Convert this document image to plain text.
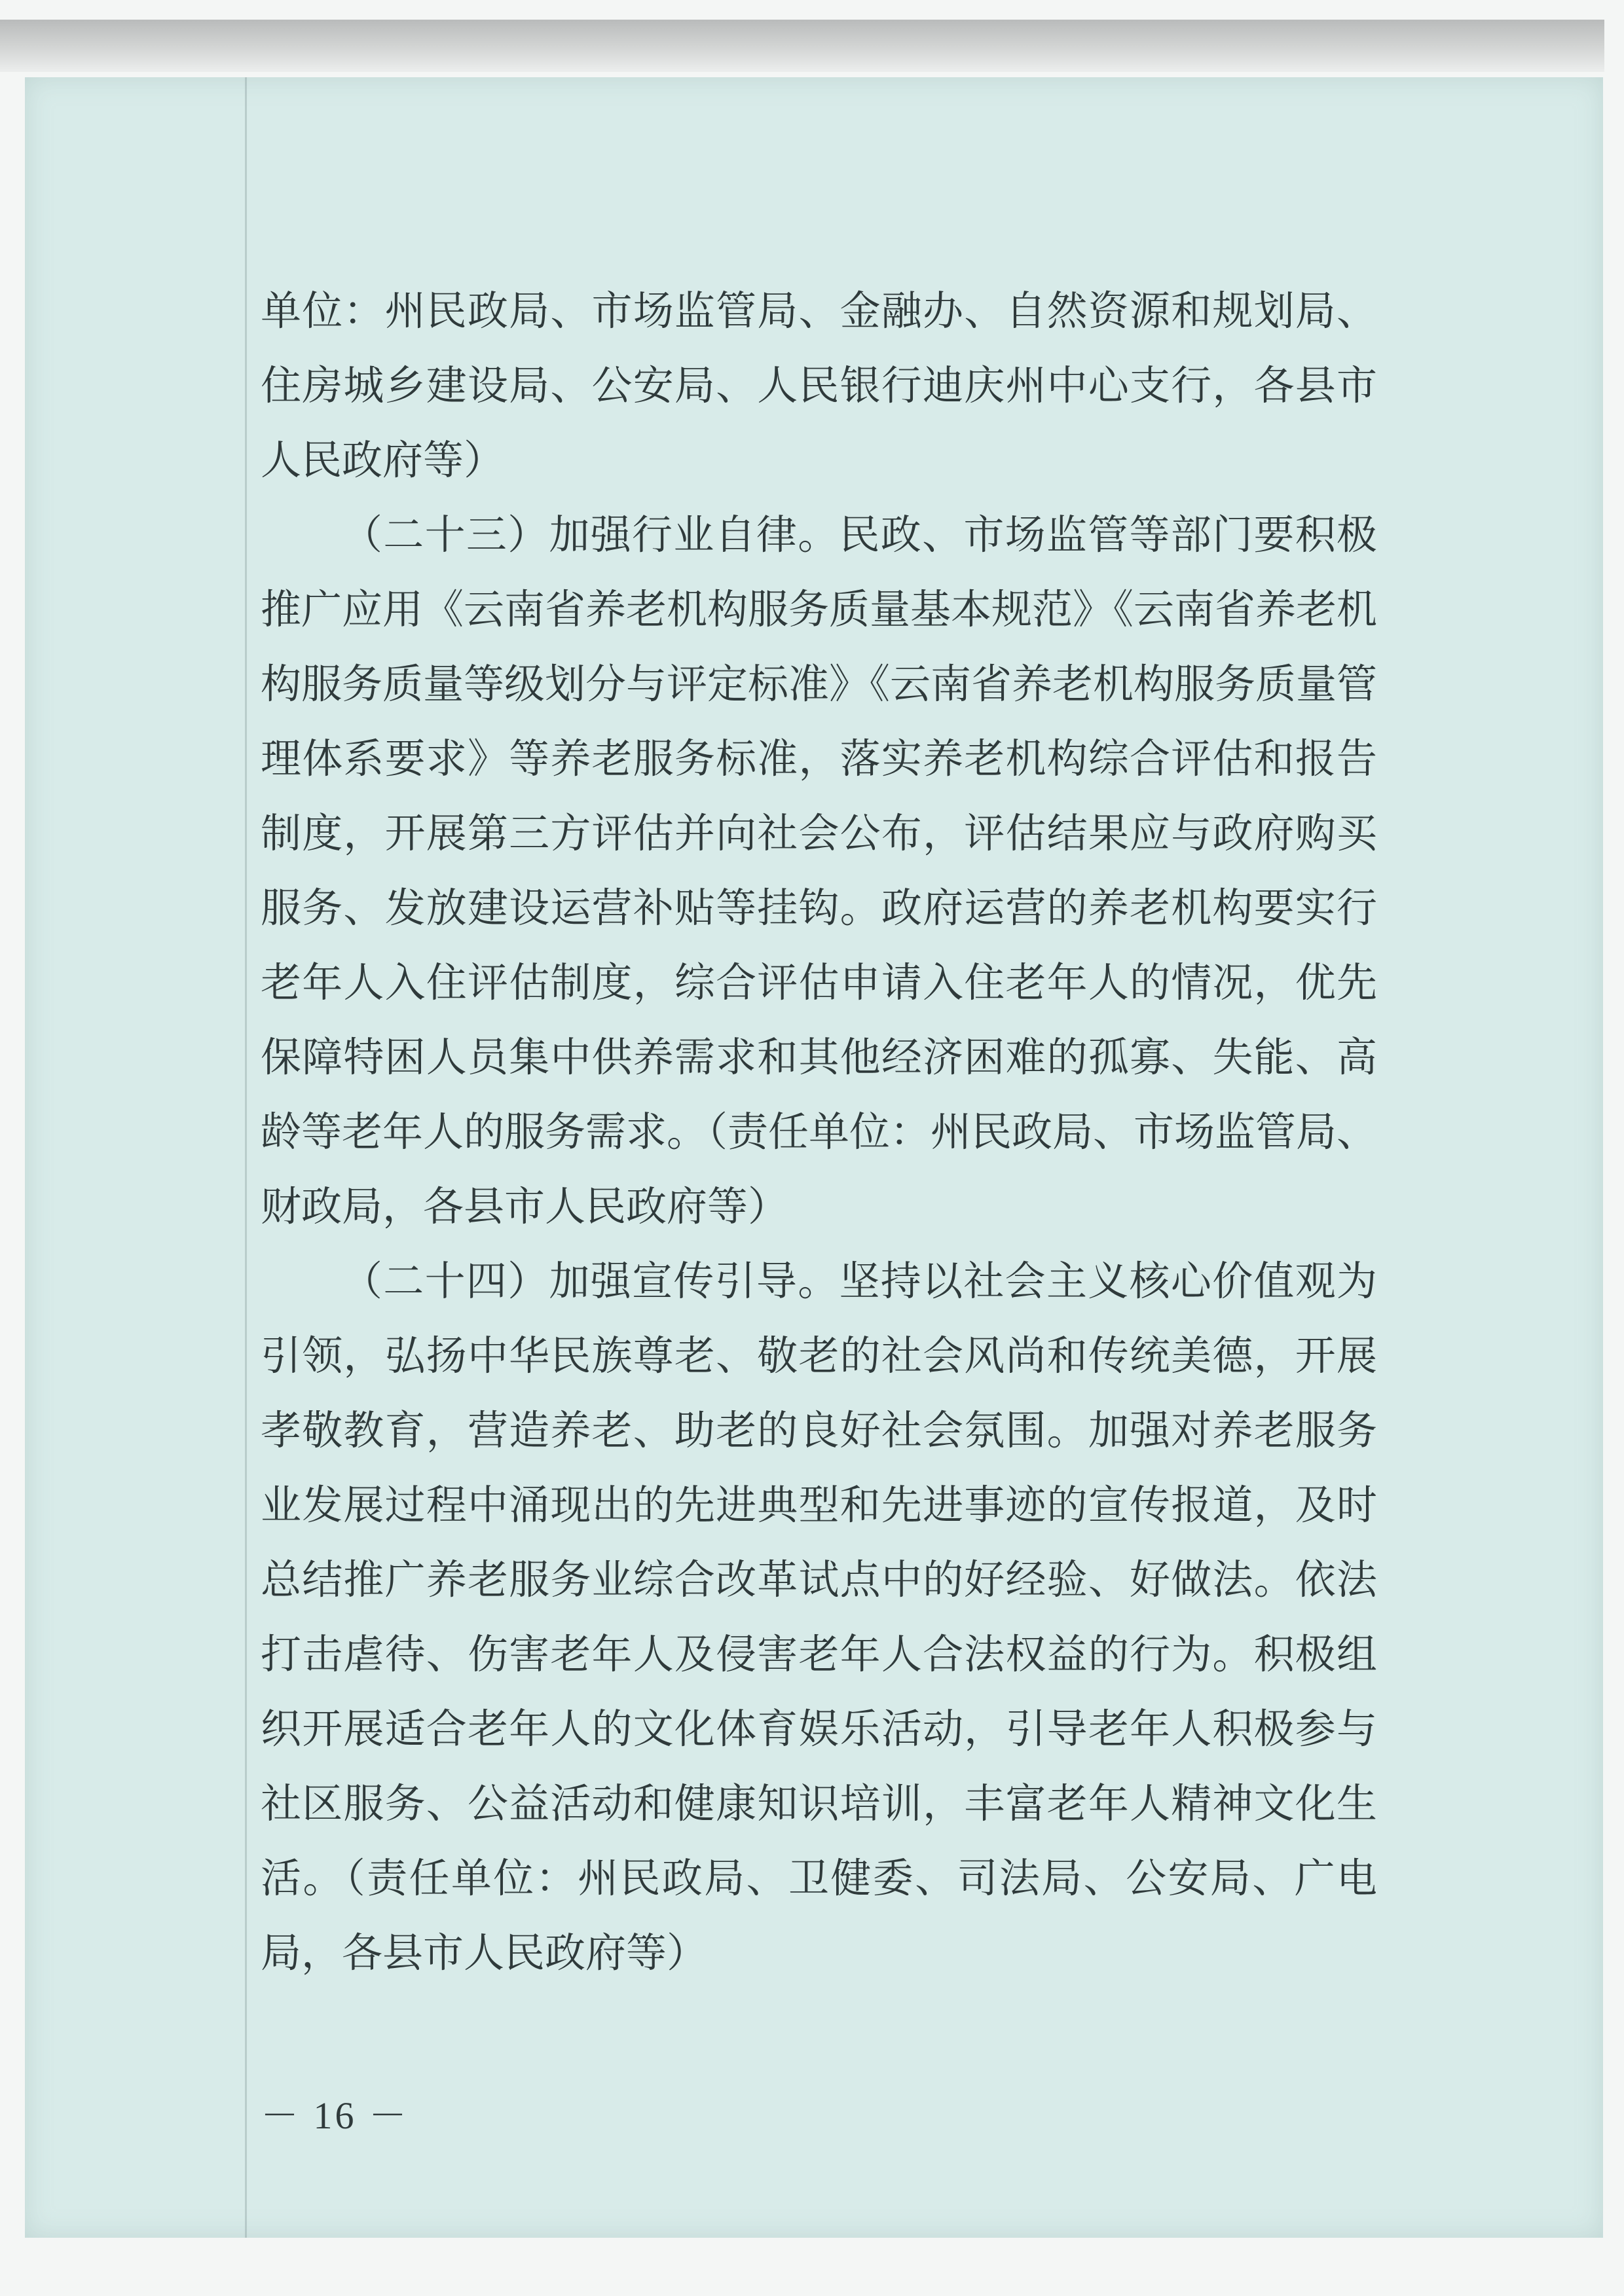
单位：州民政局、市场监管局、金融办、自然资源和规划局、住房城乡建设局、公安局、人民银行迪庆州中心支行，各县市人民政府等）

（二十三）加强行业自律。民政、市场监管等部门要积极推广应用《云南省养老机构服务质量基本规范》《云南省养老机构服务质量等级划分与评定标准》《云南省养老机构服务质量管理体系要求》等养老服务标准，落实养老机构综合评估和报告制度，开展第三方评估并向社会公布，评估结果应与政府购买服务、发放建设运营补贴等挂钩。政府运营的养老机构要实行老年人入住评估制度，综合评估申请入住老年人的情况，优先保障特困人员集中供养需求和其他经济困难的孤寡、失能、高龄等老年人的服务需求。（责任单位：州民政局、市场监管局、财政局，各县市人民政府等）

（二十四）加强宣传引导。坚持以社会主义核心价值观为引领，弘扬中华民族尊老、敬老的社会风尚和传统美德，开展孝敬教育，营造养老、助老的良好社会氛围。加强对养老服务业发展过程中涌现出的先进典型和先进事迹的宣传报道，及时总结推广养老服务业综合改革试点中的好经验、好做法。依法打击虐待、伤害老年人及侵害老年人合法权益的行为。积极组织开展适合老年人的文化体育娱乐活动，引导老年人积极参与社区服务、公益活动和健康知识培训，丰富老年人精神文化生活。（责任单位：州民政局、卫健委、司法局、公安局、广电局，各县市人民政府等）

－ 16 －
